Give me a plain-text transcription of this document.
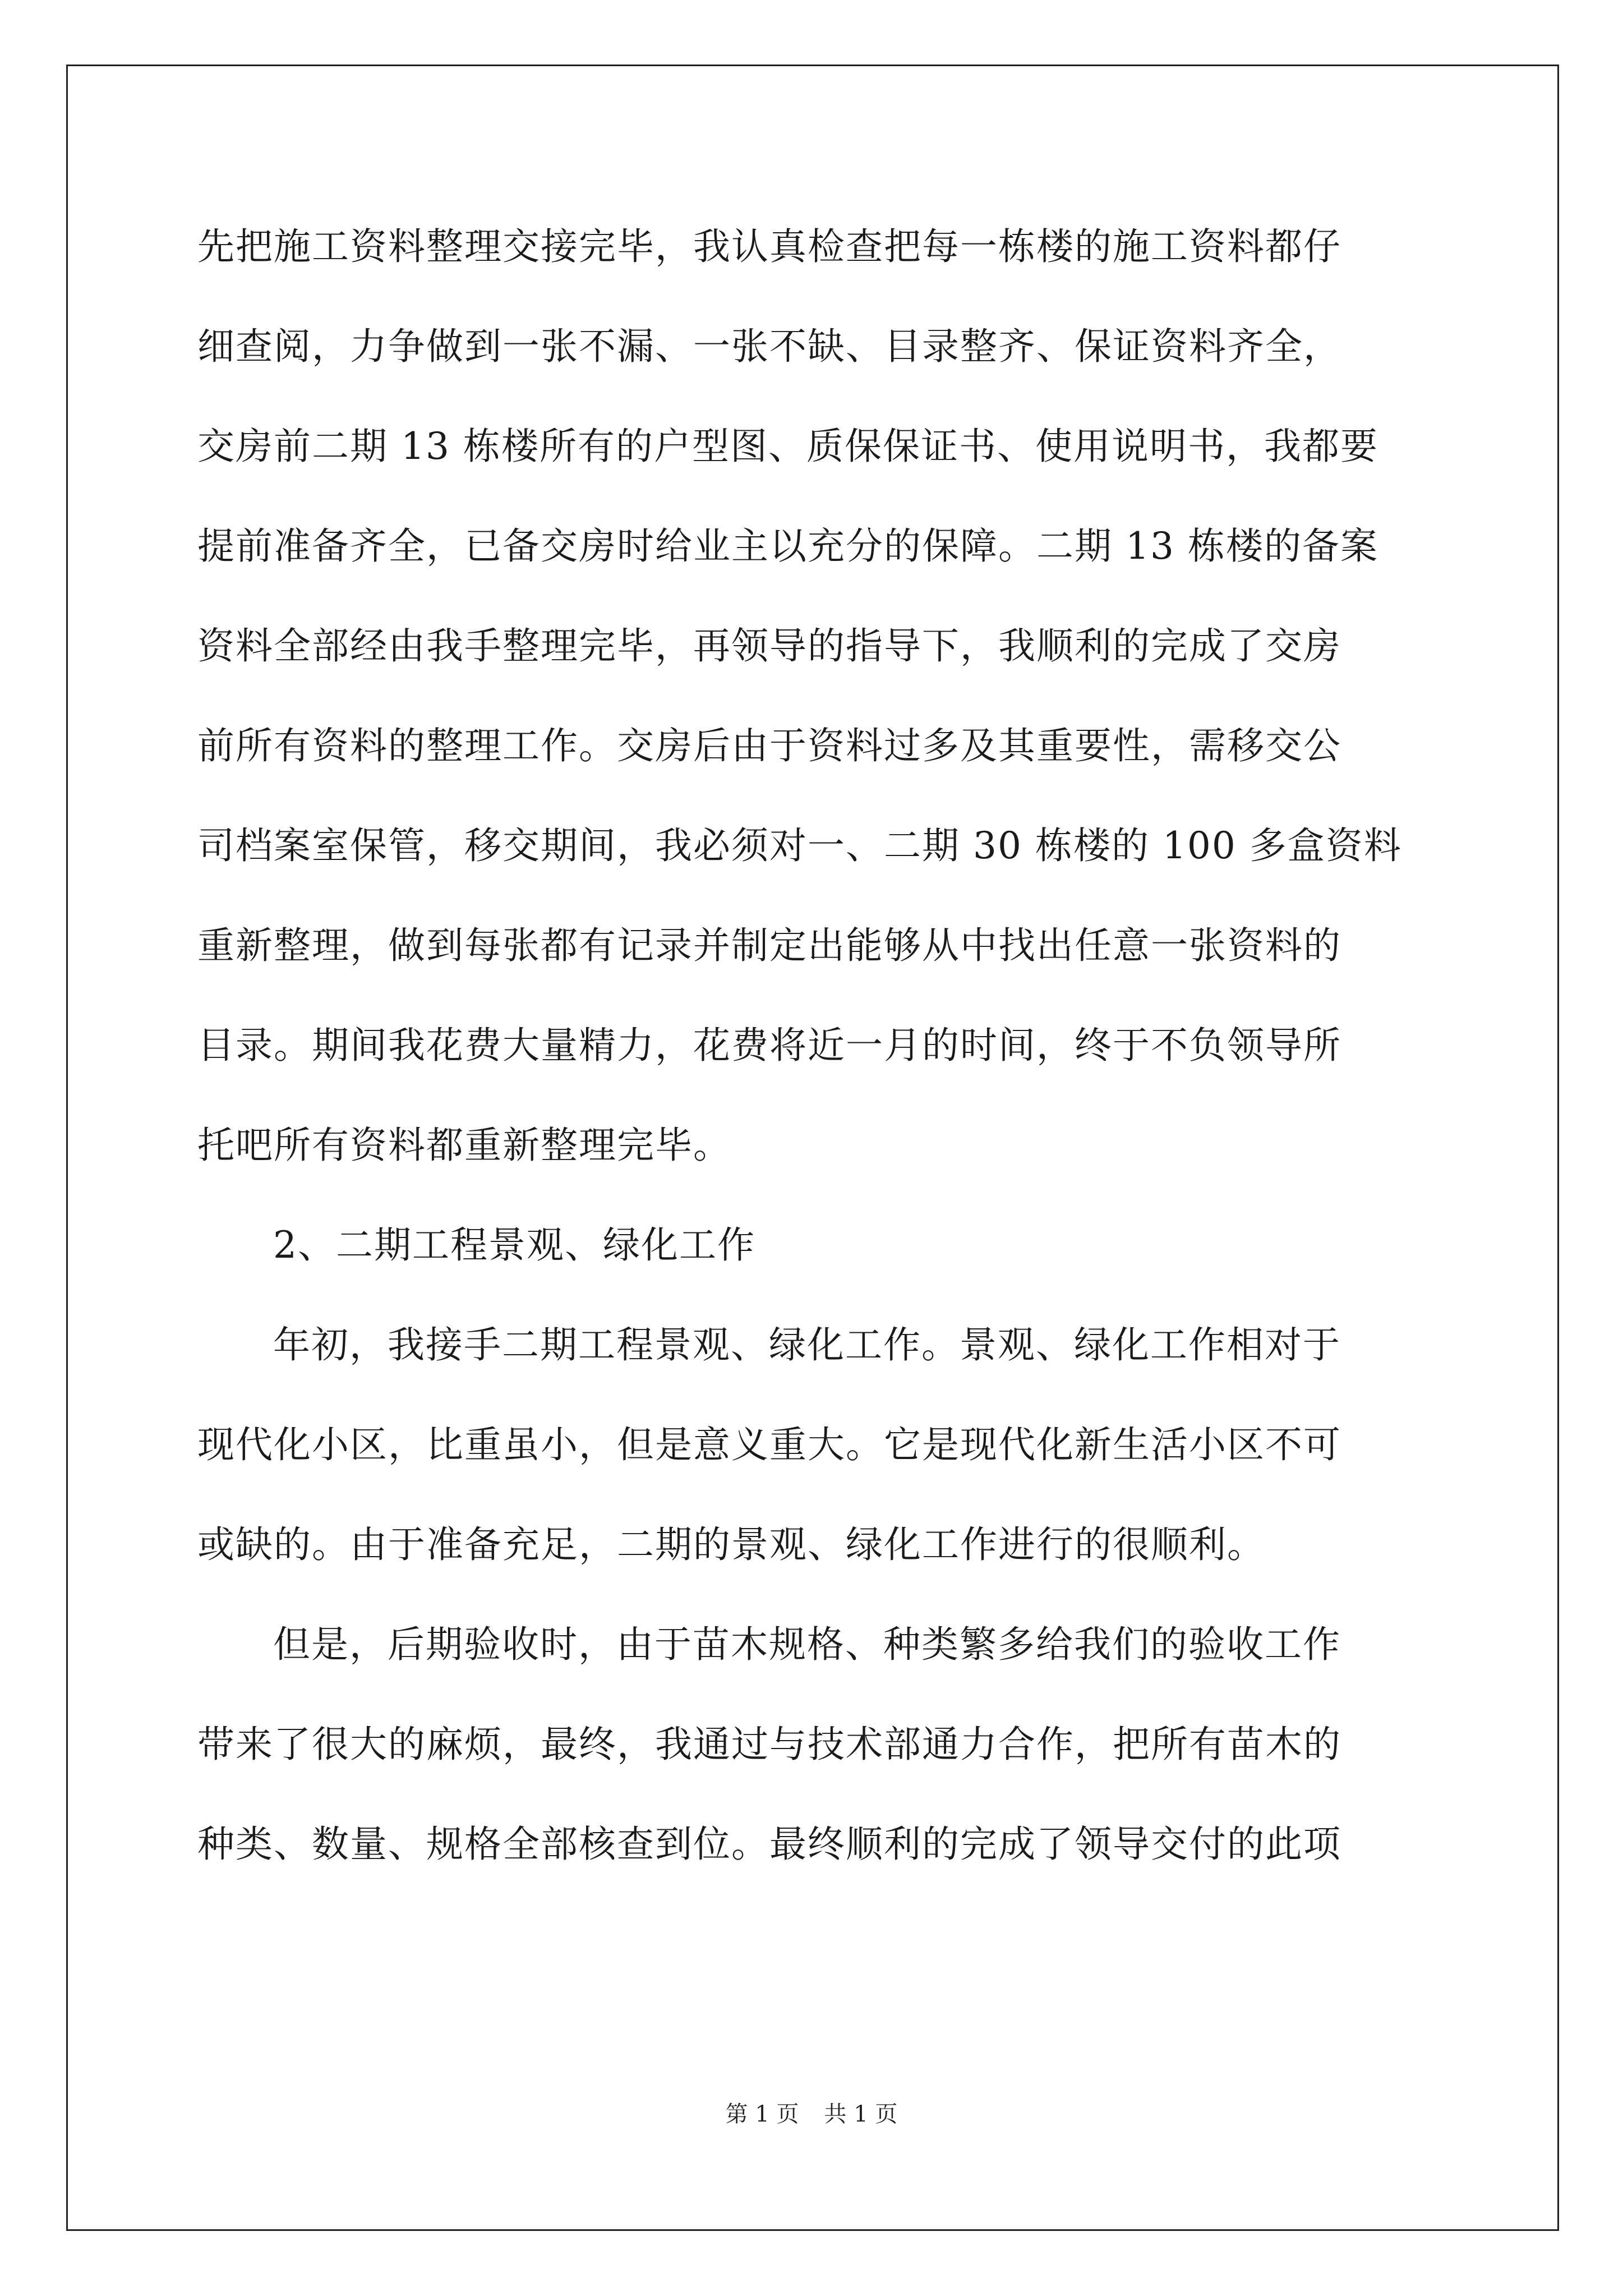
先把施工资料整理交接完毕，我认真检查把每一栋楼的施工资料都仔
细查阅，力争做到一张不漏、一张不缺、目录整齐、保证资料齐全，
交房前二期 13 栋楼所有的户型图、质保保证书、使用说明书，我都要
提前准备齐全，已备交房时给业主以充分的保障。二期 13 栋楼的备案
资料全部经由我手整理完毕，再领导的指导下，我顺利的完成了交房
前所有资料的整理工作。交房后由于资料过多及其重要性，需移交公
司档案室保管，移交期间，我必须对一、二期 30 栋楼的 100 多盒资料
重新整理，做到每张都有记录并制定出能够从中找出任意一张资料的
目录。期间我花费大量精力，花费将近一月的时间，终于不负领导所
托吧所有资料都重新整理完毕。
2、二期工程景观、绿化工作
年初，我接手二期工程景观、绿化工作。景观、绿化工作相对于
现代化小区，比重虽小，但是意义重大。它是现代化新生活小区不可
或缺的。由于准备充足，二期的景观、绿化工作进行的很顺利。
但是，后期验收时，由于苗木规格、种类繁多给我们的验收工作
带来了很大的麻烦，最终，我通过与技术部通力合作，把所有苗木的
种类、数量、规格全部核查到位。最终顺利的完成了领导交付的此项
第 1 页 共 1 页
